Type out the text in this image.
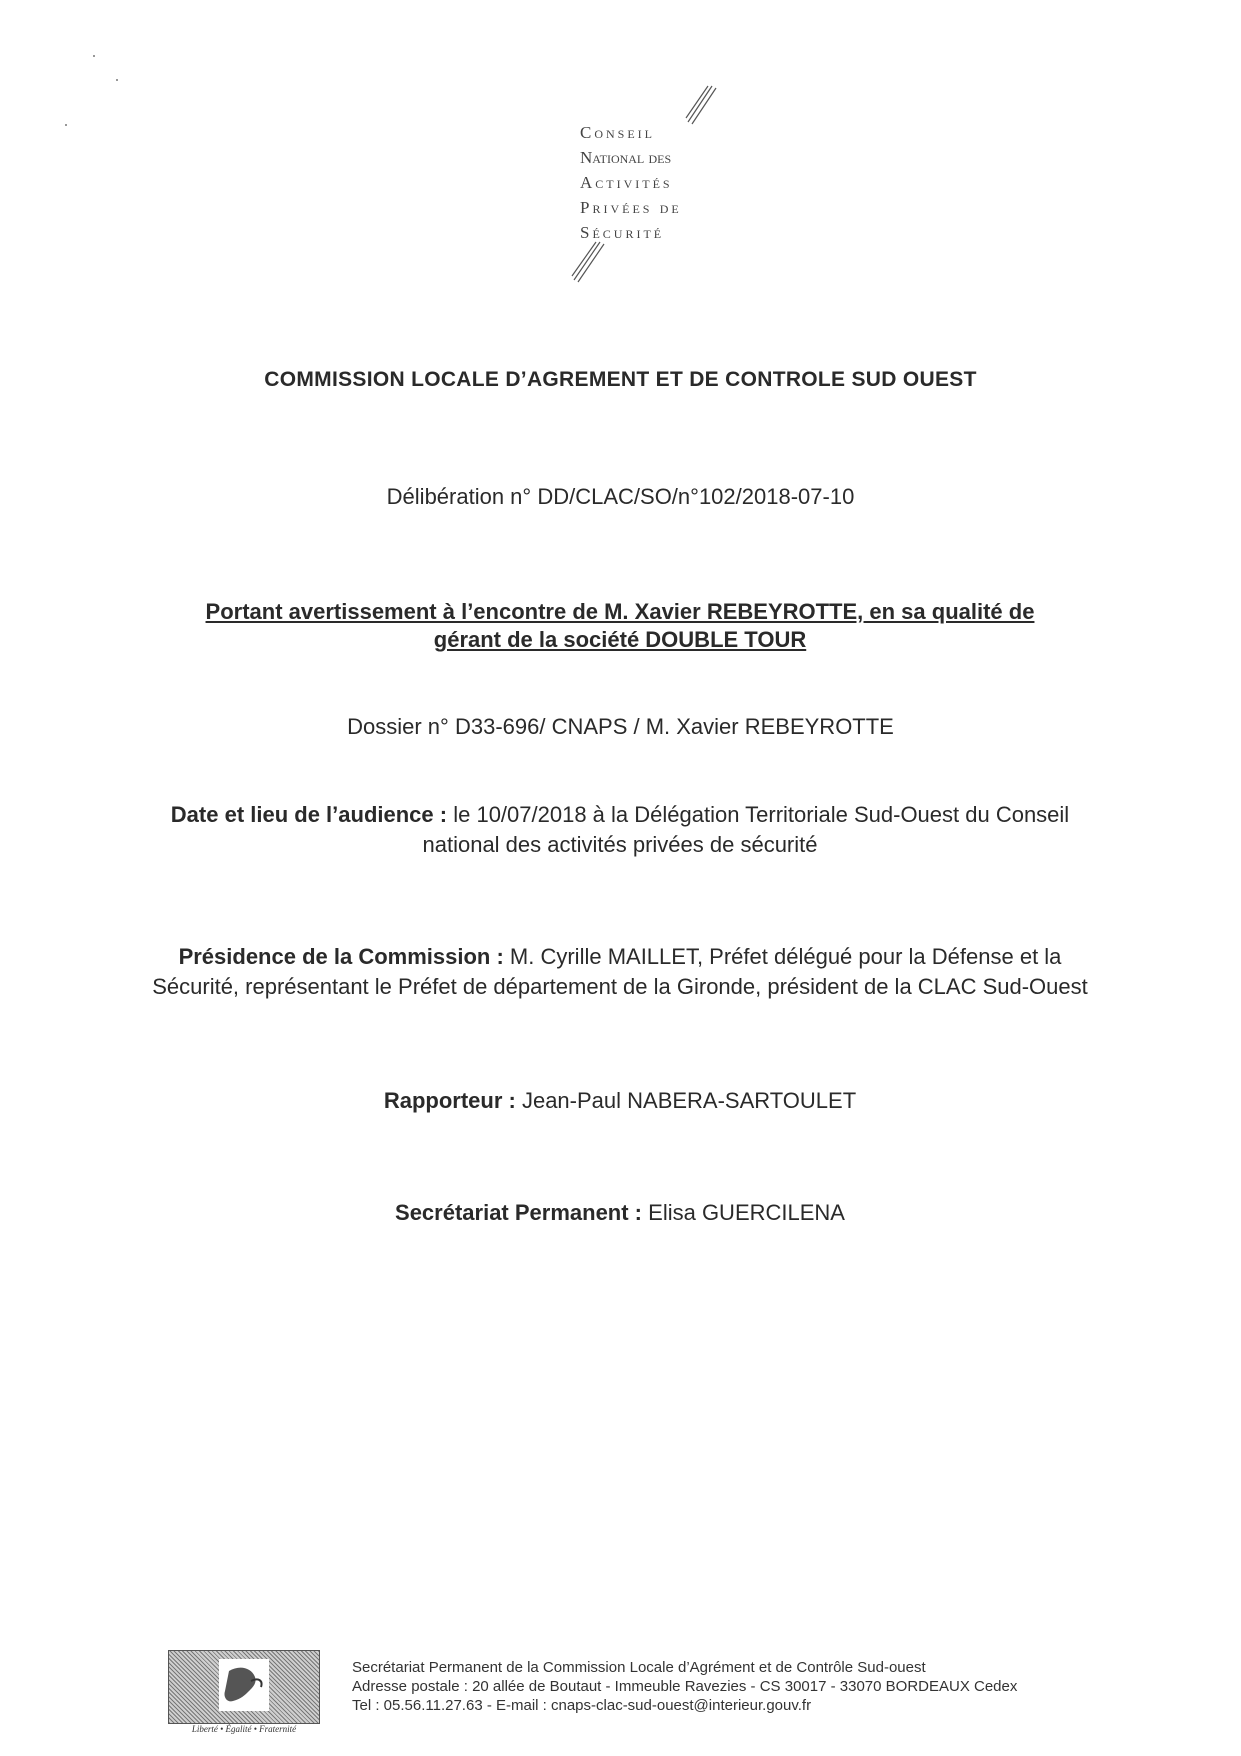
Conseil
National des
Activités
Privées de
Sécurité
COMMISSION LOCALE D’AGREMENT ET DE CONTROLE SUD OUEST
Délibération n° DD/CLAC/SO/n°102/2018-07-10
Portant avertissement à l’encontre de M. Xavier REBEYROTTE, en sa qualité de
gérant de la société DOUBLE TOUR
Dossier n° D33-696/ CNAPS / M. Xavier REBEYROTTE
Date et lieu de l’audience : le 10/07/2018 à la Délégation Territoriale Sud-Ouest du Conseil national des activités privées de sécurité
Présidence de la Commission : M. Cyrille MAILLET, Préfet délégué pour la Défense et la Sécurité, représentant le Préfet de département de la Gironde, président de la CLAC Sud-Ouest
Rapporteur : Jean-Paul NABERA-SARTOULET
Secrétariat Permanent : Elisa GUERCILENA
Liberté • Égalité • Fraternité
Secrétariat Permanent de la Commission Locale d’Agrément et de Contrôle Sud-ouest
Adresse postale : 20 allée de Boutaut - Immeuble Ravezies - CS 30017 - 33070 BORDEAUX Cedex
Tel : 05.56.11.27.63 - E-mail : cnaps-clac-sud-ouest@interieur.gouv.fr
